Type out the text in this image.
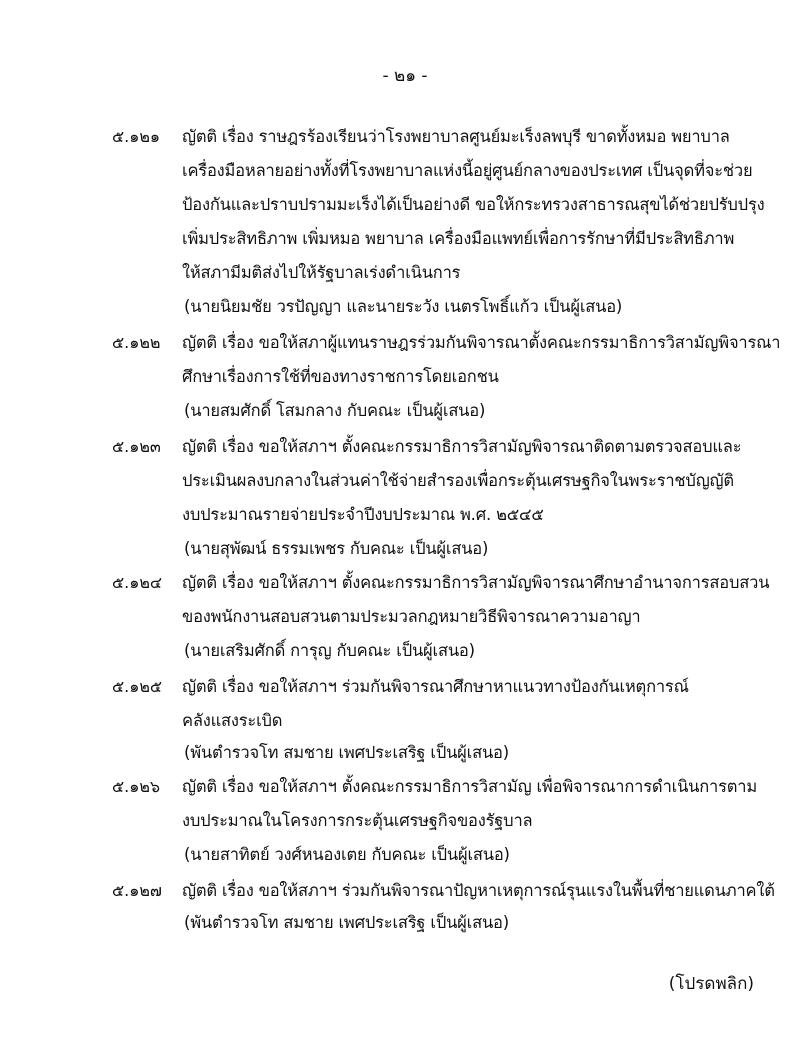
- ๒๑ -
๕.๑๒๑	ญัตติ เรื่อง ราษฎรร้องเรียนว่าโรงพยาบาลศูนย์มะเร็งลพบุรี ขาดทั้งหมอ พยาบาล
เครื่องมือหลายอย่างทั้งที่โรงพยาบาลแห่งนี้อยู่ศูนย์กลางของประเทศ เป็นจุดที่จะช่วย
ป้องกันและปราบปรามมะเร็งได้เป็นอย่างดี ขอให้กระทรวงสาธารณสุขได้ช่วยปรับปรุง
เพิ่มประสิทธิภาพ เพิ่มหมอ พยาบาล เครื่องมือแพทย์เพื่อการรักษาที่มีประสิทธิภาพ
ให้สภามีมติส่งไปให้รัฐบาลเร่งดำเนินการ
(นายนิยมชัย วรปัญญา และนายระวัง เนตรโพธิ์แก้ว เป็นผู้เสนอ)
๕.๑๒๒	ญัตติ เรื่อง ขอให้สภาผู้แทนราษฎรร่วมกันพิจารณาตั้งคณะกรรมาธิการวิสามัญพิจารณา
ศึกษาเรื่องการใช้ที่ของทางราชการโดยเอกชน
(นายสมศักดิ์ โสมกลาง กับคณะ เป็นผู้เสนอ)
๕.๑๒๓	ญัตติ เรื่อง ขอให้สภาฯ ตั้งคณะกรรมาธิการวิสามัญพิจารณาติดตามตรวจสอบและ
ประเมินผลงบกลางในส่วนค่าใช้จ่ายสำรองเพื่อกระตุ้นเศรษฐกิจในพระราชบัญญัติ
งบประมาณรายจ่ายประจำปีงบประมาณ พ.ศ. ๒๕๔๕
(นายสุพัฒน์ ธรรมเพชร กับคณะ เป็นผู้เสนอ)
๕.๑๒๔	ญัตติ เรื่อง ขอให้สภาฯ ตั้งคณะกรรมาธิการวิสามัญพิจารณาศึกษาอำนาจการสอบสวน
ของพนักงานสอบสวนตามประมวลกฎหมายวิธีพิจารณาความอาญา
(นายเสริมศักดิ์ การุญ กับคณะ เป็นผู้เสนอ)
๕.๑๒๕	ญัตติ เรื่อง ขอให้สภาฯ ร่วมกันพิจารณาศึกษาหาแนวทางป้องกันเหตุการณ์
คลังแสงระเบิด
(พันตำรวจโท สมชาย เพศประเสริฐ เป็นผู้เสนอ)
๕.๑๒๖	ญัตติ เรื่อง ขอให้สภาฯ ตั้งคณะกรรมาธิการวิสามัญ เพื่อพิจารณาการดำเนินการตาม
งบประมาณในโครงการกระตุ้นเศรษฐกิจของรัฐบาล
(นายสาทิตย์ วงศ์หนองเตย กับคณะ เป็นผู้เสนอ)
๕.๑๒๗	ญัตติ เรื่อง ขอให้สภาฯ ร่วมกันพิจารณาปัญหาเหตุการณ์รุนแรงในพื้นที่ชายแดนภาคใต้
(พันตำรวจโท สมชาย เพศประเสริฐ เป็นผู้เสนอ)
(โปรดพลิก)
